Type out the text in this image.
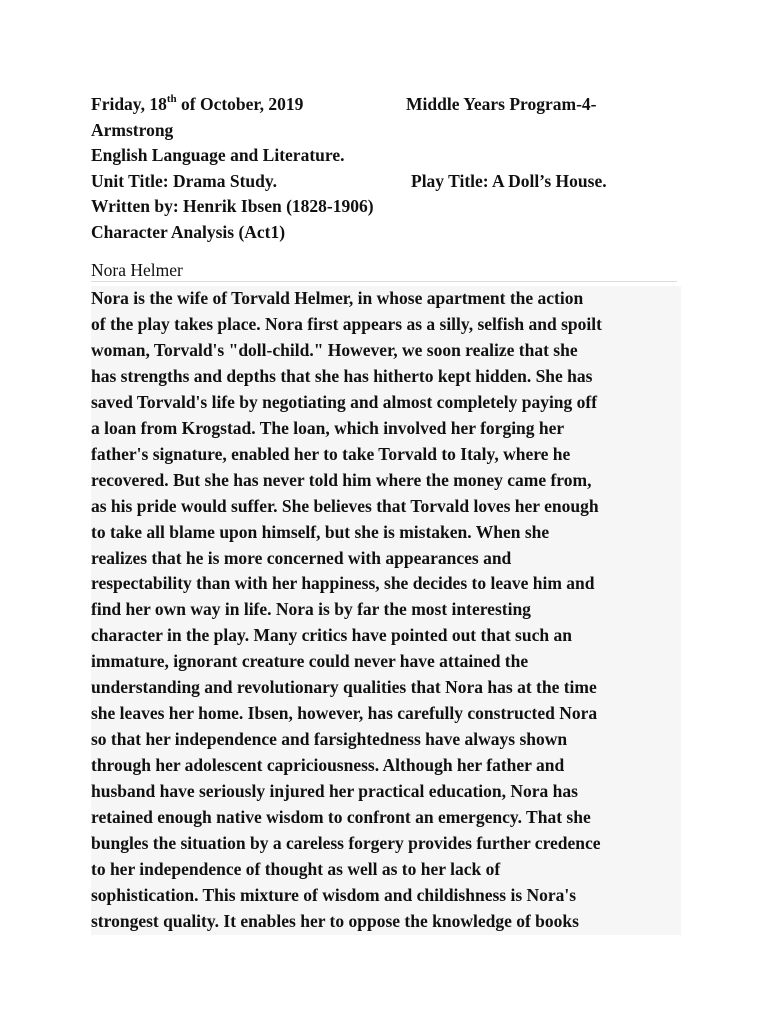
Friday, 18th of October, 2019	Middle Years Program-4-
Armstrong
English Language and Literature.
Unit Title: Drama Study.	Play Title: A Doll’s House.
Written by: Henrik Ibsen (1828-1906)
Character Analysis (Act1)
Nora Helmer
Nora is the wife of Torvald Helmer, in whose apartment the action
of the play takes place. Nora first appears as a silly, selfish and spoilt
woman, Torvald's "doll-child." However, we soon realize that she
has strengths and depths that she has hitherto kept hidden. She has
saved Torvald's life by negotiating and almost completely paying off
a loan from Krogstad. The loan, which involved her forging her
father's signature, enabled her to take Torvald to Italy, where he
recovered. But she has never told him where the money came from,
as his pride would suffer. She believes that Torvald loves her enough
to take all blame upon himself, but she is mistaken. When she
realizes that he is more concerned with appearances and
respectability than with her happiness, she decides to leave him and
find her own way in life. Nora is by far the most interesting
character in the play. Many critics have pointed out that such an
immature, ignorant creature could never have attained the
understanding and revolutionary qualities that Nora has at the time
she leaves her home. Ibsen, however, has carefully constructed Nora
so that her independence and farsightedness have always shown
through her adolescent capriciousness. Although her father and
husband have seriously injured her practical education, Nora has
retained enough native wisdom to confront an emergency. That she
bungles the situation by a careless forgery provides further credence
to her independence of thought as well as to her lack of
sophistication. This mixture of wisdom and childishness is Nora's
strongest quality. It enables her to oppose the knowledge of books
